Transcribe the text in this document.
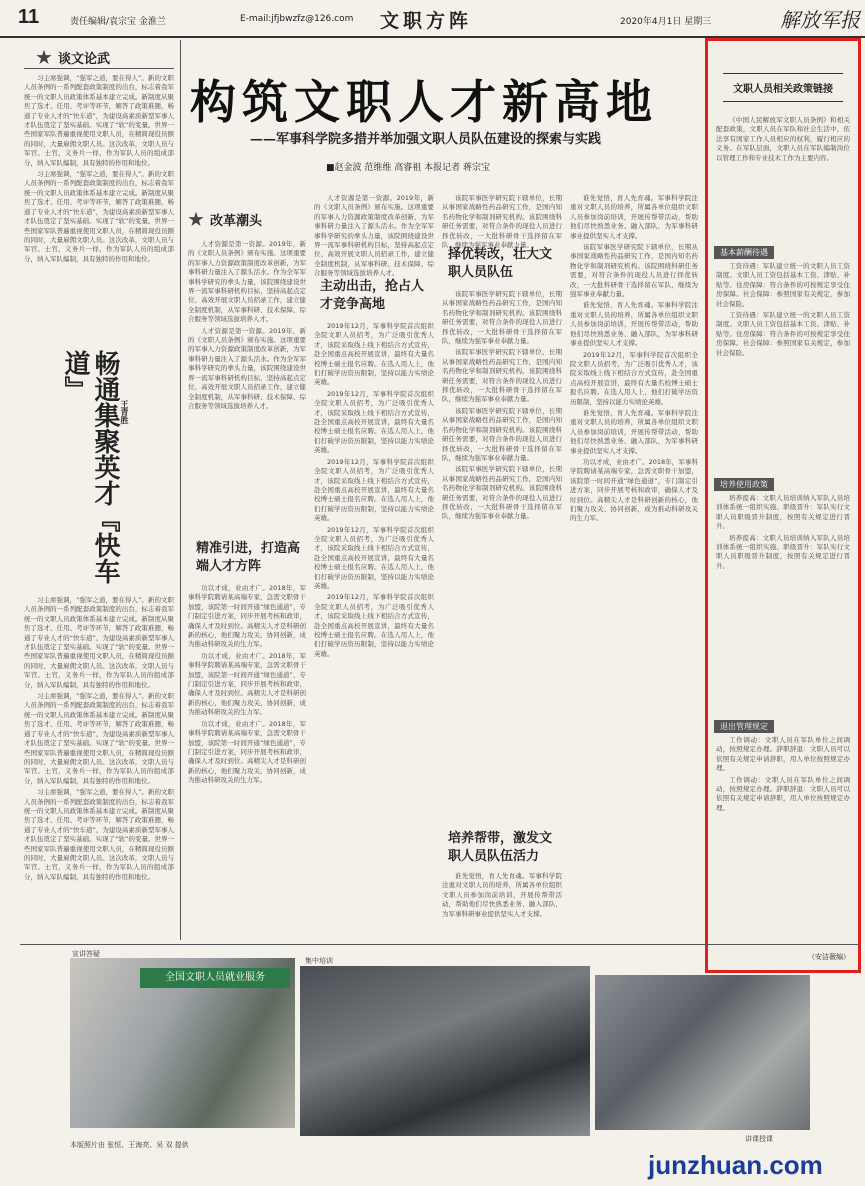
11	责任编辑/袁宗宝 金淮兰	E-mail:jfjbwzfz@126.com 文职方阵	2020年4月1日 星期三	解放军报
谈文论武

习主席强调，“强军之道，要在得人”。新的文职人员条例的一系列配套政策制度的出台，标志着我军统一的文职人员政策体系基本建立完成。新制度从聚焦了选才、任用、考评等环节，解答了政策难题，畅通了专业人才的“快车道”，为建设高素质新型军事人才队伍奠定了坚实基础。实现了“软”的变量。世界一些国家军队普遍重视使用文职人员，在精简现役员额的同时，大量雇佣文职人员。这次改革，文职人员与军官、士官，义务兵一样，作为军队人员的组成部分，纳入军队编制，具有独特的作用和地位。

习主席强调，“强军之道，要在得人”。新的文职人员条例的一系列配套政策制度的出台，标志着我军统一的文职人员政策体系基本建立完成。新制度从聚焦了选才、任用、考评等环节，解答了政策难题，畅通了专业人才的“快车道”，为建设高素质新型军事人才队伍奠定了坚实基础。实现了“软”的变量。世界一些国家军队普遍重视使用文职人员，在精简现役员额的同时，大量雇佣文职人员。这次改革，文职人员与军官、士官，义务兵一样，作为军队人员的组成部分，纳入军队编制，具有独特的作用和地位。

畅通集聚英才『快车道』
王青胜

习主席强调，“强军之道，要在得人”。新的文职人员条例的一系列配套政策制度的出台，标志着我军统一的文职人员政策体系基本建立完成。新制度从聚焦了选才、任用、考评等环节，解答了政策难题，畅通了专业人才的“快车道”，为建设高素质新型军事人才队伍奠定了坚实基础。实现了“软”的变量。世界一些国家军队普遍重视使用文职人员，在精简现役员额的同时，大量雇佣文职人员。这次改革，文职人员与军官、士官，义务兵一样，作为军队人员的组成部分，纳入军队编制，具有独特的作用和地位。

习主席强调，“强军之道，要在得人”。新的文职人员条例的一系列配套政策制度的出台，标志着我军统一的文职人员政策体系基本建立完成。新制度从聚焦了选才、任用、考评等环节，解答了政策难题，畅通了专业人才的“快车道”，为建设高素质新型军事人才队伍奠定了坚实基础。实现了“软”的变量。世界一些国家军队普遍重视使用文职人员，在精简现役员额的同时，大量雇佣文职人员。这次改革，文职人员与军官、士官，义务兵一样，作为军队人员的组成部分，纳入军队编制，具有独特的作用和地位。

习主席强调，“强军之道，要在得人”。新的文职人员条例的一系列配套政策制度的出台，标志着我军统一的文职人员政策体系基本建立完成。新制度从聚焦了选才、任用、考评等环节，解答了政策难题，畅通了专业人才的“快车道”，为建设高素质新型军事人才队伍奠定了坚实基础。实现了“软”的变量。世界一些国家军队普遍重视使用文职人员，在精简现役员额的同时，大量雇佣文职人员。这次改革，文职人员与军官、士官，义务兵一样，作为军队人员的组成部分，纳入军队编制，具有独特的作用和地位。

构筑文职人才新高地
——军事科学院多措并举加强文职人员队伍建设的探索与实践
■赵金波 范维维 高睿祖 本报记者 蒋宗宝
改革潮头

人才资源是第一资源。2019年，新的《文职人员条例》颁布实施。这项重要的军事人力资源政策制度改革创新，为军事科研力量注入了源头活水。作为全军军事科学研究的拳头力量，该院围绕建设世界一流军事科研机构目标，坚持高起点定位、高效开展文职人员招录工作，建立健全制度机制，从军事科研、技术保障、综合服务等领域选拔培养人才。

人才资源是第一资源。2019年，新的《文职人员条例》颁布实施。这项重要的军事人力资源政策制度改革创新，为军事科研力量注入了源头活水。作为全军军事科学研究的拳头力量，该院围绕建设世界一流军事科研机构目标，坚持高起点定位、高效开展文职人员招录工作，建立健全制度机制，从军事科研、技术保障、综合服务等领域选拔培养人才。

精准引进，打造高端人才方阵

功以才成，业由才广。2018年，军事科学院聘请某高端专家，急需文职骨干加盟，该院第一时间开通“绿色通道”，专门制定引进方案，同步开展考核和政审，确保人才及时到位。高精尖人才是科研创新的核心，他们聚力攻关、协同创新，成为推动科研攻关的生力军。

功以才成，业由才广。2018年，军事科学院聘请某高端专家，急需文职骨干加盟，该院第一时间开通“绿色通道”，专门制定引进方案，同步开展考核和政审，确保人才及时到位。高精尖人才是科研创新的核心，他们聚力攻关、协同创新，成为推动科研攻关的生力军。

功以才成，业由才广。2018年，军事科学院聘请某高端专家，急需文职骨干加盟，该院第一时间开通“绿色通道”，专门制定引进方案，同步开展考核和政审，确保人才及时到位。高精尖人才是科研创新的核心，他们聚力攻关、协同创新，成为推动科研攻关的生力军。

人才资源是第一资源。2019年，新的《文职人员条例》颁布实施。这项重要的军事人力资源政策制度改革创新，为军事科研力量注入了源头活水。作为全军军事科学研究的拳头力量，该院围绕建设世界一流军事科研机构目标，坚持高起点定位、高效开展文职人员招录工作，建立健全制度机制，从军事科研、技术保障、综合服务等领域选拔培养人才。

主动出击，抢占人才竞争高地

2019年12月，军事科学院首次组织全院文职人员招考，为广泛吸引优秀人才，该院采取线上线下相结合方式宣传，赴全国重点高校开展宣讲，最终有大量名校博士硕士报名应聘。在选人用人上，他们打破学历资历限制，坚持以能力实绩论英雄。

2019年12月，军事科学院首次组织全院文职人员招考，为广泛吸引优秀人才，该院采取线上线下相结合方式宣传，赴全国重点高校开展宣讲，最终有大量名校博士硕士报名应聘。在选人用人上，他们打破学历资历限制，坚持以能力实绩论英雄。

2019年12月，军事科学院首次组织全院文职人员招考，为广泛吸引优秀人才，该院采取线上线下相结合方式宣传，赴全国重点高校开展宣讲，最终有大量名校博士硕士报名应聘。在选人用人上，他们打破学历资历限制，坚持以能力实绩论英雄。

2019年12月，军事科学院首次组织全院文职人员招考，为广泛吸引优秀人才，该院采取线上线下相结合方式宣传，赴全国重点高校开展宣讲，最终有大量名校博士硕士报名应聘。在选人用人上，他们打破学历资历限制，坚持以能力实绩论英雄。

2019年12月，军事科学院首次组织全院文职人员招考，为广泛吸引优秀人才，该院采取线上线下相结合方式宣传，赴全国重点高校开展宣讲，最终有大量名校博士硕士报名应聘。在选人用人上，他们打破学历资历限制，坚持以能力实绩论英雄。

该院军事医学研究院下辖单位，长期从事国家战略性药品研究工作，是国内知名药物化学和制剂研究机构。该院围绕科研任务需要，对符合条件的现役人员进行择优转改，一大批科研骨干选择留在军队，继续为强军事业奉献力量。

择优转改，壮大文职人员队伍

该院军事医学研究院下辖单位，长期从事国家战略性药品研究工作，是国内知名药物化学和制剂研究机构。该院围绕科研任务需要，对符合条件的现役人员进行择优转改，一大批科研骨干选择留在军队，继续为强军事业奉献力量。

该院军事医学研究院下辖单位，长期从事国家战略性药品研究工作，是国内知名药物化学和制剂研究机构。该院围绕科研任务需要，对符合条件的现役人员进行择优转改，一大批科研骨干选择留在军队，继续为强军事业奉献力量。

该院军事医学研究院下辖单位，长期从事国家战略性药品研究工作，是国内知名药物化学和制剂研究机构。该院围绕科研任务需要，对符合条件的现役人员进行择优转改，一大批科研骨干选择留在军队，继续为强军事业奉献力量。

该院军事医学研究院下辖单位，长期从事国家战略性药品研究工作，是国内知名药物化学和制剂研究机构。该院围绕科研任务需要，对符合条件的现役人员进行择优转改，一大批科研骨干选择留在军队，继续为强军事业奉献力量。

培养帮带，激发文职人员队伍活力

谁先觉悟，育人先育魂。军事科学院注重对文职人员的培养，所属各单位组织文职人员参加岗前培训，开展传帮带活动，帮助他们尽快熟悉业务、融入部队，为军事科研事业提供坚实人才支撑。

谁先觉悟，育人先育魂。军事科学院注重对文职人员的培养，所属各单位组织文职人员参加岗前培训，开展传帮带活动，帮助他们尽快熟悉业务、融入部队，为军事科研事业提供坚实人才支撑。

该院军事医学研究院下辖单位，长期从事国家战略性药品研究工作，是国内知名药物化学和制剂研究机构。该院围绕科研任务需要，对符合条件的现役人员进行择优转改，一大批科研骨干选择留在军队，继续为强军事业奉献力量。

谁先觉悟，育人先育魂。军事科学院注重对文职人员的培养，所属各单位组织文职人员参加岗前培训，开展传帮带活动，帮助他们尽快熟悉业务、融入部队，为军事科研事业提供坚实人才支撑。

2019年12月，军事科学院首次组织全院文职人员招考，为广泛吸引优秀人才，该院采取线上线下相结合方式宣传，赴全国重点高校开展宣讲，最终有大量名校博士硕士报名应聘。在选人用人上，他们打破学历资历限制，坚持以能力实绩论英雄。

谁先觉悟，育人先育魂。军事科学院注重对文职人员的培养，所属各单位组织文职人员参加岗前培训，开展传帮带活动，帮助他们尽快熟悉业务、融入部队，为军事科研事业提供坚实人才支撑。

功以才成，业由才广。2018年，军事科学院聘请某高端专家，急需文职骨干加盟，该院第一时间开通“绿色通道”，专门制定引进方案，同步开展考核和政审，确保人才及时到位。高精尖人才是科研创新的核心，他们聚力攻关、协同创新，成为推动科研攻关的生力军。

文职人员相关政策链接

《中国人民解放军文职人员条例》和相关配套政策，文职人员在军队和社会生活中，依法享有国家工作人员相应的权利，履行相应的义务。在军队层面，文职人员在军队编制岗位以管理工作和专业技术工作为主要内容。

基本薪酬待遇

工资待遇：军队建立统一的文职人员工资制度。文职人员工资包括基本工资、津贴、补贴等。住房保障：符合条件的可按规定享受住房保障。社会保障：参照国家有关规定，参加社会保险。

工资待遇：军队建立统一的文职人员工资制度。文职人员工资包括基本工资、津贴、补贴等。住房保障：符合条件的可按规定享受住房保障。社会保障：参照国家有关规定，参加社会保险。

培养使用政策

培养提高：文职人员培训纳入军队人员培训体系统一组织实施。职级晋升：军队实行文职人员职级晋升制度，按照有关规定进行晋升。

培养提高：文职人员培训纳入军队人员培训体系统一组织实施。职级晋升：军队实行文职人员职级晋升制度，按照有关规定进行晋升。

退出管理规定

工作调动：文职人员在军队单位之间调动，按照规定办理。辞职辞退：文职人员可以依照有关规定申请辞职，用人单位按照规定办理。

工作调动：文职人员在军队单位之间调动，按照规定办理。辞职辞退：文职人员可以依照有关规定申请辞职，用人单位按照规定办理。

（安洁薇编）
宣讲答疑
全国文职人员就业服务
集中培训
讲课授课
本版照片由 张恒、王海亮、吴 双 提供
junzhuan.com
